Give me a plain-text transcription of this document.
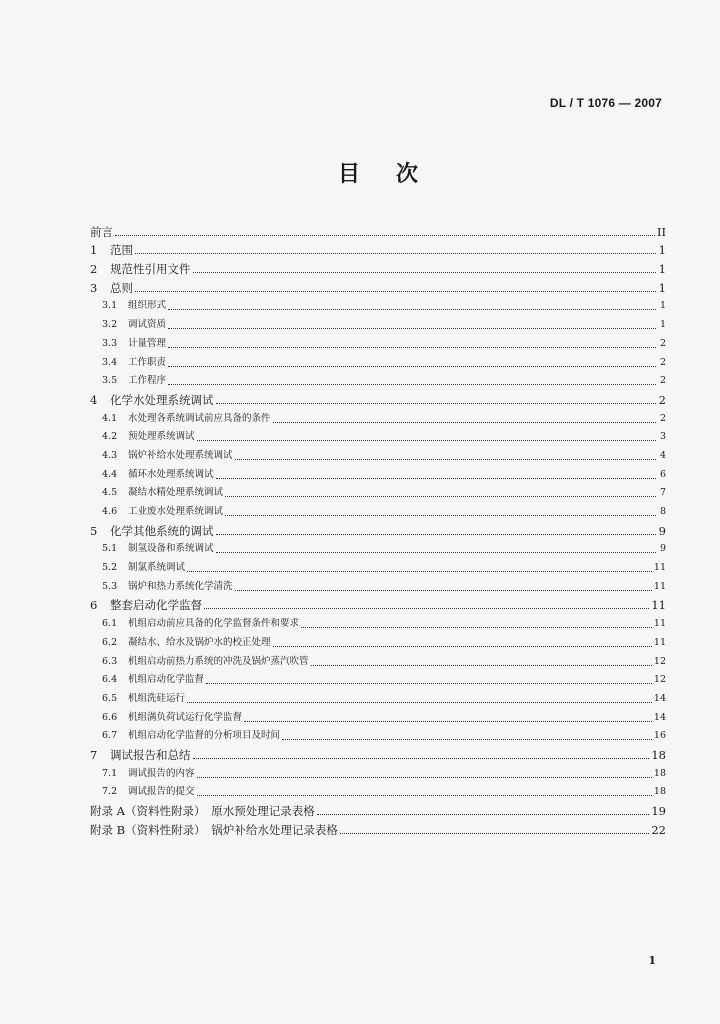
DL / T 1076 — 2007
目次
前言	II
1	范围	1
2	规范性引用文件	1
3	总则	1
3.1	组织形式	1
3.2	调试资质	1
3.3	计量管理	2
3.4	工作职责	2
3.5	工作程序	2
4	化学水处理系统调试	2
4.1	水处理各系统调试前应具备的条件	2
4.2	预处理系统调试	3
4.3	锅炉补给水处理系统调试	4
4.4	循环水处理系统调试	6
4.5	凝结水精处理系统调试	7
4.6	工业废水处理系统调试	8
5	化学其他系统的调试	9
5.1	制氢设备和系统调试	9
5.2	制氯系统调试	11
5.3	锅炉和热力系统化学清洗	11
6	整套启动化学监督	11
6.1	机组启动前应具备的化学监督条件和要求	11
6.2	凝结水、给水及锅炉水的校正处理	11
6.3	机组启动前热力系统的冲洗及锅炉蒸汽吹管	12
6.4	机组启动化学监督	12
6.5	机组洗硅运行	14
6.6	机组满负荷试运行化学监督	14
6.7	机组启动化学监督的分析项目及时间	16
7	调试报告和总结	18
7.1	调试报告的内容	18
7.2	调试报告的提交	18
附录 A（资料性附录）　原水预处理记录表格	19
附录 B（资料性附录）　锅炉补给水处理记录表格	22
1
